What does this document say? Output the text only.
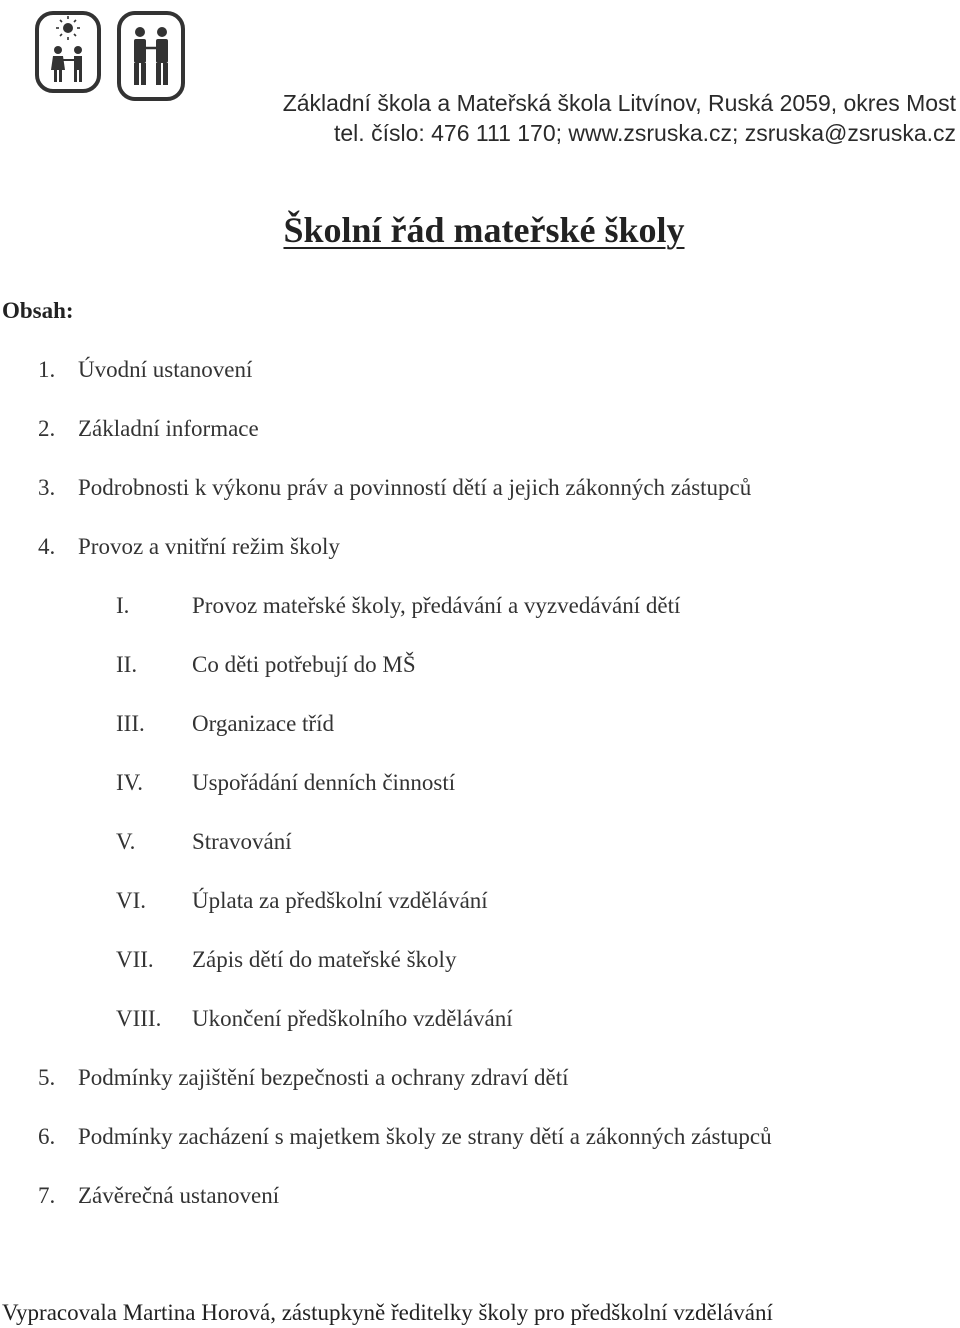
Základní škola a Mateřská škola Litvínov, Ruská 2059, okres Most
tel. číslo: 476 111 170; www.zsruska.cz; zsruska@zsruska.cz
Školní řád mateřské školy
Obsah:
1. Úvodní ustanovení
2. Základní informace
3. Podrobnosti k výkonu práv a povinností dětí a jejich zákonných zástupců
4. Provoz a vnitřní režim školy
I.	Provoz mateřské školy, předávání a vyzvedávání dětí
II. Co děti potřebují do MŠ
III. Organizace tříd
IV. Uspořádání denních činností
V. Stravování
VI. Úplata za předškolní vzdělávání
VII. Zápis dětí do mateřské školy
VIII. Ukončení předškolního vzdělávání
5. Podmínky zajištění bezpečnosti a ochrany zdraví dětí
6. Podmínky zacházení s majetkem školy ze strany dětí a zákonných zástupců
7. Závěrečná ustanovení
Vypracovala Martina Horová, zástupkyně ředitelky školy pro předškolní vzdělávání
